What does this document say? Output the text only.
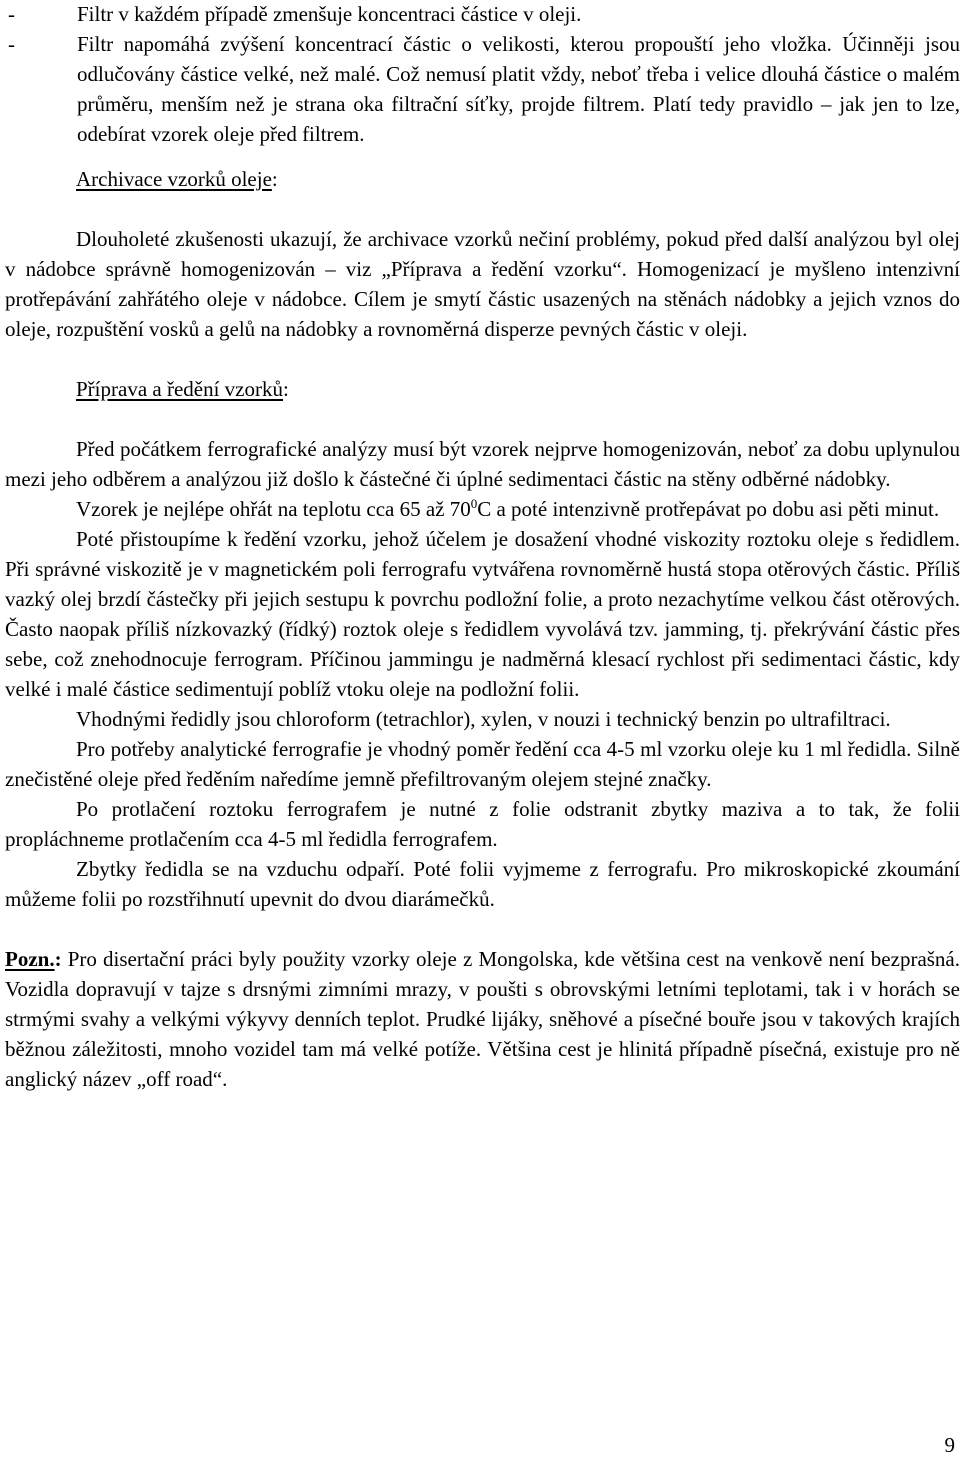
-	Filtr v každém případě zmenšuje koncentraci částice v oleji.
-	Filtr napomáhá zvýšení koncentrací částic o velikosti, kterou propouští jeho vložka. Účinněji jsou odlučovány částice velké, než malé. Což nemusí platit vždy, neboť třeba i velice dlouhá částice o malém průměru, menším než je strana oka filtrační síťky, projde filtrem. Platí tedy pravidlo – jak jen to lze, odebírat vzorek oleje před filtrem.
Archivace vzorků oleje:

Dlouholeté zkušenosti ukazují, že archivace vzorků nečiní problémy, pokud před další analýzou byl olej v nádobce správně homogenizován – viz „Příprava a ředění vzorku“. Homogenizací je myšleno intenzivní protřepávání zahřátého oleje v nádobce. Cílem je smytí částic usazených na stěnách nádobky a jejich vznos do oleje, rozpuštění vosků a gelů na nádobky a rovnoměrná disperze pevných částic v oleji.

Příprava a ředění vzorků:

Před počátkem ferrografické analýzy musí být vzorek nejprve homogenizován, neboť za dobu uplynulou mezi jeho odběrem a analýzou již došlo k částečné či úplné sedimentaci částic na stěny odběrné nádobky.

Vzorek je nejlépe ohřát na teplotu cca 65 až $70^0C$ a poté intenzivně protřepávat po dobu asi pěti minut.

Poté přistoupíme k ředění vzorku, jehož účelem je dosažení vhodné viskozity roztoku oleje s ředidlem. Při správné viskozitě je v magnetickém poli ferrografu vytvářena rovnoměrně hustá stopa otěrových částic. Příliš vazký olej brzdí částečky při jejich sestupu k povrchu podložní folie, a proto nezachytíme velkou část otěrových. Často naopak příliš nízkovazký (řídký) roztok oleje s ředidlem vyvolává tzv. jamming, tj. překrývání částic přes sebe, což znehodnocuje ferrogram. Příčinou jammingu je nadměrná klesací rychlost při sedimentaci částic, kdy velké i malé částice sedimentují poblíž vtoku oleje na podložní folii.

Vhodnými ředidly jsou chloroform (tetrachlor), xylen, v nouzi i technický benzin po ultrafiltraci.

Pro potřeby analytické ferrografie je vhodný poměr ředění cca 4-5 ml vzorku oleje ku 1 ml ředidla. Silně znečistěné oleje před ředěním naředíme jemně přefiltrovaným olejem stejné značky.

Po protlačení roztoku ferrografem je nutné z folie odstranit zbytky maziva a to tak, že folii propláchneme protlačením cca 4-5 ml ředidla ferrografem.

Zbytky ředidla se na vzduchu odpaří. Poté folii vyjmeme z ferrografu. Pro mikroskopické zkoumání můžeme folii po rozstřihnutí upevnit do dvou diarámečků.

Pozn.: Pro disertační práci byly použity vzorky oleje z Mongolska, kde většina cest na venkově není bezprašná. Vozidla dopravují v tajze s drsnými zimními mrazy, v poušti s obrovskými letními teplotami, tak i v horách se strmými svahy a velkými výkyvy denních teplot. Prudké lijáky, sněhové a písečné bouře jsou v takových krajích běžnou záležitosti, mnoho vozidel tam má velké potíže. Většina cest je hlinitá případně písečná, existuje pro ně anglický název „off road“.

9
